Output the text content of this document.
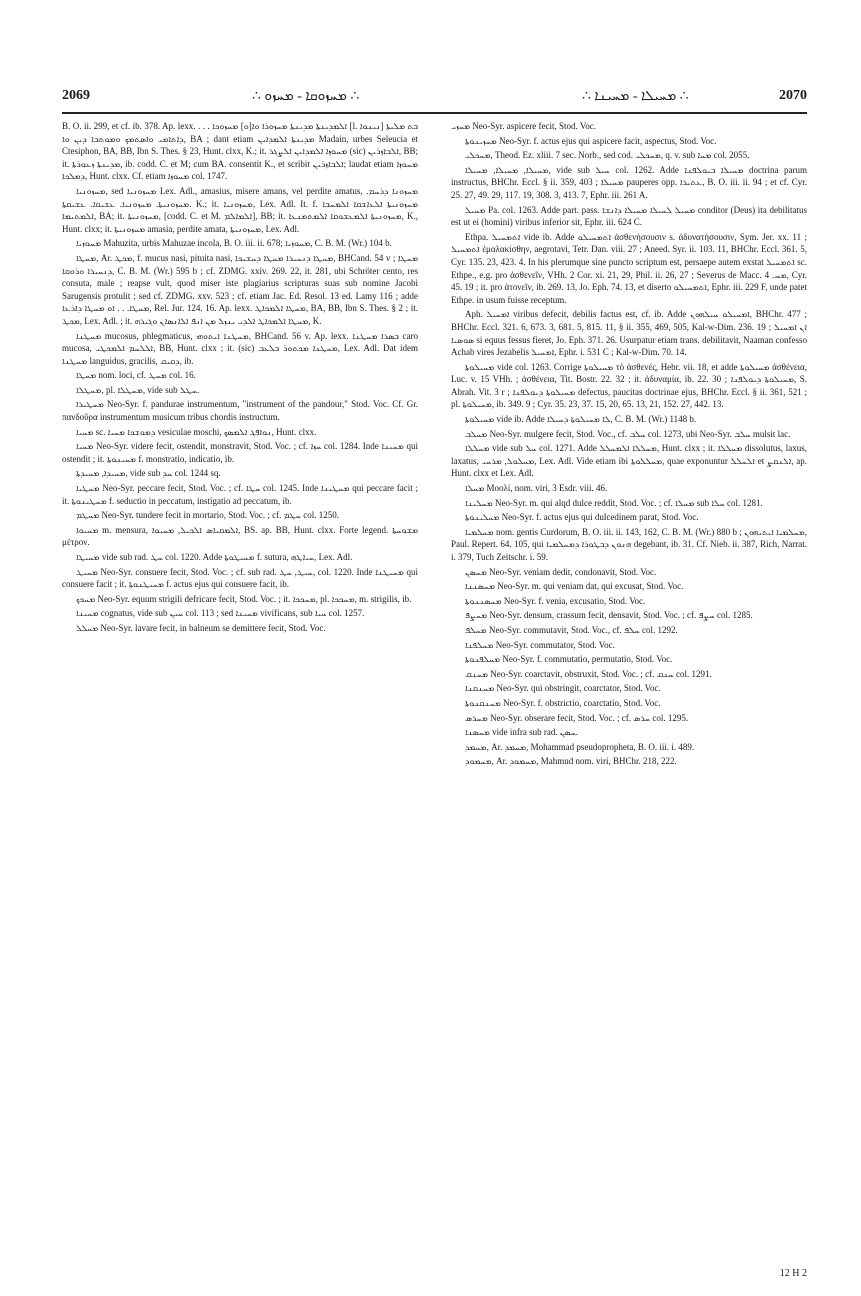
2069	∴ ܡܚܙܘܩܐ - ܡܚܙܘ ∴	∴ ܡܚܝܠܐ - ܡܚܝܢܐ ∴	2070

B. O. ii. 299, et cf. ib. 378. Ap. lexx. . . . ܐܠܡܕܝܢܬܐ ܡܕܝܢܬܐ ܡܚܙܘܪܐ ܘܐ[ܘ] ܡܚܙܘܟܐ [l. ܢܝܢܘܐ] ܒܬ ܡܠܝܬܐ ܕܐܬܐܡܝ ܘܐܣܬܡܟ ܘܡܘܬܒܐ ܕܝܢ ܘܐ, BA ; dant etiam ܡܕܝܢܬܐ ܐܠܡܕܐܝܢ Madain, urbes Seleucia et Ctesiphon, BA, BB, Ibn S. Thes. § 23, Hunt. clxx, K.; it. ܡܚܘܙܐ ܐܠܡܕܐܝܢ ܐܠܨܓܪ (sic) ܐܠܒܐܙܪܝܢ, BB; it. ܡܕܝܢܬܐ ܙܥܘܪܬܐ, ib. codd. C. et M; cum BA. consentit K., et scribit ܐܠܒܐܙܪܝܢ; laudat etiam ܡܚܘܙܐ ܕܡܠܟܐ, Hunt. clxx. Cf. etiam ܡܚܘܙܐ col. 1747.

ܡܚܙܘܢܝܐ, sed ܡܚܙܘܢܝܐ Lex. Adl., amasius, misere amans, vel perdite amatus, ܡܚܙܘܢܐ ܕܪܚܡ. ܡܚܙܘܢܝܬܐ. ܡܚܙܘܢܝܐ. ܥܫܝܩܐ. ܥܫܝܩܬܐ. K.; it. ܡܚܙܘܢܝܐ, Lex. Adl. It. f. ܡܚܙܘܢܝܬܐ ܐܠܥܐܫܩܐ ܐܠܡܚܒܐ ܐܠܡܬܝܡܐ, BA; it. ܡܚܙܘܢܝܬܐ, [codd. C. et M. ܐܠܡܐܠܡ], BB; it. ܡܚܙܘܢܝܬܐ ܐܠܡܥܫܘܩܐ ܐܠܡܬܡܢܥܐ, K., Hunt. clxx; it. ܡܚܙܘܢܝܬܐ amasia, perdite amata, ܡܚܙܘܢܝܬܐ, Lex. Adl.

ܡܚܘܙܝܐ Mahuzita, urbis Mahuzae incola, B. O. iii. ii. 678; ܡܚܘܙܝܐ, C. B. M. (Wr.) 104 b.

ܡܚܛܐ, Ar. ܡܟܛ, f. mucus nasi, pituita nasi, ܡܚܛܐ ܕܢܚܝܪܐ ܡܚܛܐ ܕܚܫܝܟܐ, BHCand. 54 v ; ܡܚܛܐ ܕܢܚܝܪܐ ܘܪܘܩܐ, C. B. M. (Wr.) 595 b ; cf. ZDMG. xxiv. 269. 22, it. 281, ubi Schröter cento, res consuta, male ; reapse vult, quod miser iste plagiarius scripturas suas sub nomine Jacobi Sarugensis protulit ; sed cf. ZDMG. xxv. 523 ; cf. etiam Jac. Ed. Resol. 13 ed. Lamy 116 ; adde ܡܚܛܐ. . . ܐܘ ܡܚܛܐ ܕܐܪܥܐ, Rel. Jur. 124. 16. Ap. lexx. ܡܚܛܐ ܐܠܡܟܐܛ, BA, BB, Ibn S. Thes. § 2 ; it. ܡܟܛ, Lex. Adl. ; it. ܡܚܛܐ ܐܠܡܟܐܛ ܐܠܕܝ ܝܢܙܠ ܡܢ ܐܢܦ ܐܠܐܢܣܐܢ ܘܓܝܪܗ, K.

ܡܚܛܢܐ mucosus, phlegmaticus, ܡܚܛܢܐ ܐܝܬܘܗܝ, BHCand. 56 v. Ap. lexx. ܒܣܪܐ ܡܚܛܢܐ caro mucosa, ܐܠܠܚܡ ܐܠܡܟܛܝ, BB, Hunt. clxx ; it. (sic) ܡܚܛܢܐ ܡܟܬܘܪ ܒܠܥܒ, Lex. Adl. Dat idem ܡܚܛܢܐ languidus, gracilis, ܕܩܝܩ, ib.

ܡܚܛܐ nom. loci, cf. ܡܚܛ col. 16.

ܡܚܛܠܐ, pl. ܡܚܛܠܐ, vide sub ܚܛܠ.

ܡܚܛܝܪܐ Neo-Syr. f. pandurae instrumentum, "instrument of the pandour," Stod. Voc. Cf. Gr. πανδοῦρα instrumentum musicum tribus chordis instructum.

ܡܚܝܐ sc. ܕܡܘܫܟܐ ܡܚܝܐ vesiculae moschi, ܢܘܐܦܓ ܐܠܡܣܟ, Hunt. clxx.

ܡܚܝܐ Neo-Syr. videre fecit, ostendit, monstravit, Stod. Voc. ; cf. ܚܙܐ col. 1284. Inde ܡܚܝܢܐ qui ostendit ; it. ܡܚܝܢܘܬܐ f. monstratio, indicatio, ib.

ܡܚܝܕܐ, ܡܚܝܕܬܐ, vide sub ܚܕ col. 1244 sq.

ܡܚܛܝܐ Neo-Syr. peccare fecit, Stod. Voc. ; cf. ܚܛܐ col. 1245. Inde ܡܚܛܝܢܐ qui peccare facit ; it. ܡܚܛܝܢܘܬܐ f. seductio in peccatum, instigatio ad peccatum, ib.

ܡܚܛܡ Neo-Syr. tundere fecit in mortario, Stod. Voc. ; cf. ܚܛܡ col. 1250.

ܡܚܝܘܐ m. mensura, ܐܠܡܩܝܐܣ ܐܠܟܝܠ, ܡܚܝܘܐ, BS. ap. BB, Hunt. clxx. Forte legend. ܡܫܘܚܬܐ μέτρον.

ܡܚܝܛܐ vide sub rad. ܚܛ col. 1220. Adde ܡܚܝܛܘܬܐ f. sutura, ܚܝܐܛܗ, Lex. Adl.

ܡܚܝܛ Neo-Syr. consuere fecit, Stod. Voc. ; cf. sub rad. ܚܝܛ, ܚܛ, col. 1220. Inde ܡܚܝܛܢܐ qui consuere facit ; it. ܡܚܝܛܢܘܬܐ f. actus ejus qui consuere facit, ib.

ܡܚܟܟ Neo-Syr. equum strigili defricare fecit, Stod. Voc. ; it. ܡܚܟܟܐ, pl. ܡܚܟܟܐ, m. strigilis, ib.

ܡܚܝܢܐ cognatus, vide sub ܚܝܢ col. 113 ; sed ܡܚܝܢܐ vivificans, sub ܚܝܐ col. 1257.

ܡܚܠܠ Neo-Syr. lavare fecit, in balneum se demittere fecit, Stod. Voc.

ܡܚܙܝ Neo-Syr. aspicere fecit, Stod. Voc.

ܡܚܙܝܢܘܬܐ Neo-Syr. f. actus ejus qui aspicere facit, aspectus, Stod. Voc.

ܡܚܟܠܝ, Theod. Ez. xliii. 7 sec. Norb., sed cod. ܡܚܟܠܝ, q. v. sub ܡܚܐ col. 2055.

ܡܚܝܠܐ, ܡܚܝܠܐ, ܡܚܝܠܐ, vide sub ܚܝܠ col. 1262. Adde ܡܚܝܠܐ ܒܝܘܠܦܢܐ doctrina parum instructus, BHChr. Eccl. § ii. 359, 403 ; ܡܚܝܠܐ pauperes opp. ܥܬܝܪܐ, B. O. iii. ii. 94 ; et cf. Cyr. 25. 27, 49. 29, 117. 19, 308. 3, 413. 7, Ephr. iii. 261 A.

ܡܚܝܠ Pa. col. 1263. Adde part. pass. ܡܚܝܠ ܠܚܝܠܐ ܡܚܝܠܐ ܕܐܢܫܐ conditor (Deus) ita debilitatus est ut ei (homini) viribus inferior sit, Ephr. iii. 624 C.

Ethpa. ܐܬܡܚܝܠ vide ib. Adde ܐܬܡܚܝܠܘ ἀσθενήσουσιν s. ἀδυνατήσουσιν, Sym. Jer. xx. 11 ; ܐܬܡܚܝܠ ἐμαλακίσθην, aegrotavi, Tetr. Dan. viii. 27 ; Aneed. Syr. ii. 103. 11, BHChr. Eccl. 361. 5, Cyr. 135. 23, 423. 4. In his plerumque sine puncto scriptum est, persaepe autem exstat ܐܬܡܚܝܠ sc. Ethpe., e.g. pro ἀσθενεῖν, VHh. 2 Cor. xi. 21, 29, Phil. ii. 26, 27 ; Severus de Macc. ܡܚ. 4, Cyr. 45. 19 ; it. pro ἀτονεῖν, ib. 269. 13, Jo. Eph. 74. 13, et diserto ܐܬܡܚܝܠܘ, Ephr. iii. 229 F, unde patet Ethpe. in usum fuisse receptum.

Aph. ܐܡܚܝܠ viribus defecit, debilis factus est, cf. ib. Adde ܐܡܚܝܠܘ ܚܝܠܗܘܢ, BHChr. 477 ; BHChr. Eccl. 321. 6, 673. 3, 681. 5, 815. 11, § ii. 355, 469, 505, Kal-w-Dim. 236. 19 ; ܐܢ ܐܡܚܝܠ ܣܘܣܝܐ si equus fessus fieret, Jo. Eph. 371. 26. Usurpatur etiam trans. debilitavit, Naaman confesso Achab vires Jezabelis ܐܡܚܝܠ, Ephr. i. 531 C ; Kal-w-Dim. 70. 14.

ܡܚܝܠܘܬܐ vide col. 1263. Corrige ܡܚܝܠܘܬܐ τὸ ἀσθενές, Hebr. vii. 18, et adde ܡܚܝܠܘܬܐ ἀσθένεια, Luc. v. 15 VHh. ; ἀσθένεια, Tit. Bostr. 22. 32 ; it. ἀδυναμία, ib. 22. 30 ; ܡܚܝܠܘܬܐ ܕܝܘܠܦܢܐ, S. Abrah. Vit. 3 r ; ܡܚܝܠܘܬܐ ܕܝܘܠܦܢܐ defectus, paucitas doctrinae ejus, BHChr. Eccl. § ii. 361, 521 ; pl. ܡܚܝܠܘܬܐ, ib. 349. 9 ; Cyr. 35. 23, 37. 15, 20, 65. 13, 21, 152. 27, 442. 13.

ܡܚܝܠܘܬܐ vide ib. Adde ܠܐ ܡܚܝܠܘܬܐ ܕܚܝܠܐ, C. B. M. (Wr.) 1148 b.

ܡܚܠܒ Neo-Syr. mulgere fecit, Stod. Voc., cf. ܚܠܒ col. 1273, ubi Neo-Syr. ܚܠܒ mulsit lac.

ܡܚܠܠܐ vide sub ܚܠ col. 1271. Adde ܡܚܠܠܐ ܐܠܡܚܠܠ, Hunt. clxx ; it. ܡܚܠܠܐ dissolutus, laxus, laxatus, ܡܚܠܘܠ, ܡܪܚܝ, Lex. Adl. Vide etiam ibi ܡܚܠܠܘܬܐ, quae exponuntur ܐܠܚܠܠ et ܐܠܢܩܨ, ap. Hunt. clxx et Lex. Adl.

ܡܚܠܐ Μοολί, nom. viri, 3 Esdr. viii. 46.

ܡܚܠܝܢܐ Neo-Syr. m. qui alqd dulce reddit, Stod. Voc. ; cf. ܡܚܠܐ sub ܚܠܐ col. 1281.

ܡܚܠܝܢܘܬܐ Neo-Syr. f. actus ejus qui dulcedinem parat, Stod. Voc.

ܡܚܠܡܝܐ nom. gentis Curdorum, B. O. iii. ii. 143, 162, C. B. M. (Wr.) 880 b ; ܡܚܠܡܝܐ ܐܝܬܝܗܘܢ, Paul. Repert. 64. 105, qui ܗܢܘܢ ܕܒܛܘܪܐ ܕܡܚܠܡܝܐ degebant, ib. 31. Cf. Nieb. ii. 387, Rich, Narrat. i. 379, Tuch Zeitschr. i. 59.

ܡܚܣܢ Neo-Syr. veniam dedit, condonavit, Stod. Voc.

ܡܚܣܢܢܐ Neo-Syr. m. qui veniam dat, qui excusat, Stod. Voc.

ܡܚܣܢܢܘܬܐ Neo-Syr. f. venia, excusatio, Stod. Voc.

ܡܚܨܦ Neo-Syr. densum, crassum fecit, densavit, Stod. Voc. ; cf. ܚܨܦ col. 1285.

ܡܚܠܦ Neo-Syr. commutavit, Stod. Voc., cf. ܚܠܦ col. 1292.

ܡܚܠܦܢܐ Neo-Syr. commutator, Stod. Voc.

ܡܚܠܦܢܘܬܐ Neo-Syr. f. commutatio, permutatio, Stod. Voc.

ܡܚܢܩ Neo-Syr. coarctavit, obstruxit, Stod. Voc. ; cf. ܚܢܩ col. 1291.

ܡܚܢܩܢܐ Neo-Syr. qui obstringit, coarctator, Stod. Voc.

ܡܚܢܩܢܘܬܐ Neo-Syr. f. obstrictio, coarctatio, Stod. Voc.

ܡܚܪܣ Neo-Syr. obserare fecit, Stod. Voc. ; cf. ܚܪܣ col. 1295.

ܡܚܣܢܐ vide infra sub rad. ܚܣܢ.

ܡܚܡܕ, Ar. ܡܚܡܕ, Mohammad pseudopropheta, B. O. iii. i. 489.

ܡܚܡܘܕ, Ar. ܡܚܡܘܕ, Mahmud nom. viri, BHChr. 218, 222.

12 H 2
